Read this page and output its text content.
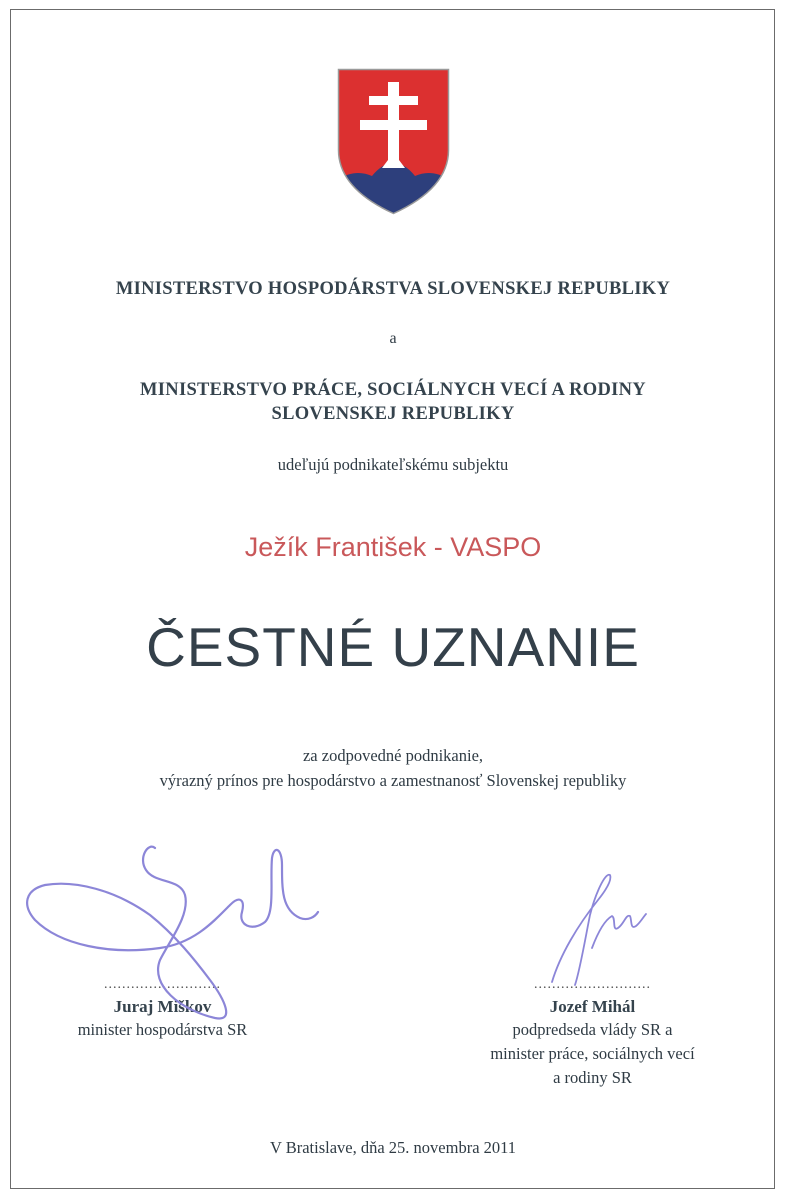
MINISTERSTVO HOSPODÁRSTVA SLOVENSKEJ REPUBLIKY
a
MINISTERSTVO PRÁCE, SOCIÁLNYCH VECÍ A RODINY
SLOVENSKEJ REPUBLIKY
udeľujú podnikateľskému subjektu
Ježík František - VASPO
ČESTNÉ UZNANIE
za zodpovedné podnikanie,
výrazný prínos pre hospodárstvo a zamestnanosť Slovenskej republiky
..........................
Juraj Miškov
minister hospodárstva SR
..........................
Jozef Mihál
podpredseda vlády SR a
minister práce, sociálnych vecí
a rodiny SR
V Bratislave, dňa 25. novembra 2011
